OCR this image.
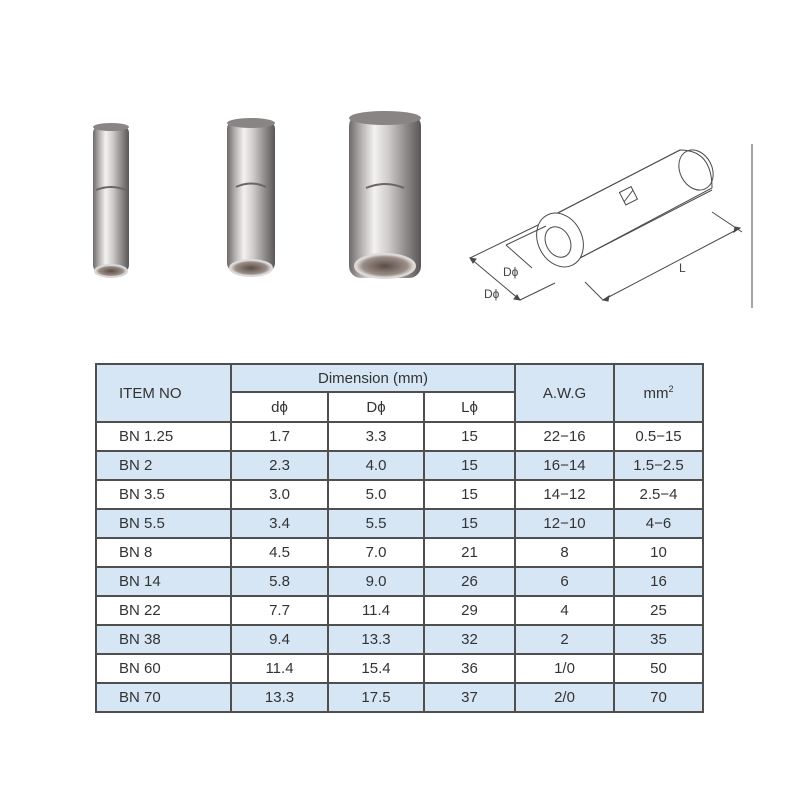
Dϕ
Dϕ
L
ITEM NO	Dimension (mm)			A.W.G	$mm^2$
	dϕ	Dϕ	Lϕ		
BN 1.25	1.7	3.3	15	22−16	0.5−15
BN 2	2.3	4.0	15	16−14	1.5−2.5
BN 3.5	3.0	5.0	15	14−12	2.5−4
BN 5.5	3.4	5.5	15	12−10	4−6
BN 8	4.5	7.0	21	8	10
BN 14	5.8	9.0	26	6	16
BN 22	7.7	11.4	29	4	25
BN 38	9.4	13.3	32	2	35
BN 60	11.4	15.4	36	1/0	50
BN 70	13.3	17.5	37	2/0	70
